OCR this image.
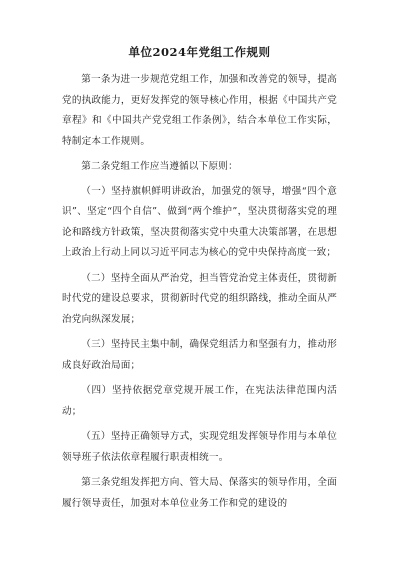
单位2024年党组工作规则
第一条为进一步规范党组工作，加强和改善党的领导，提高党的执政能力，更好发挥党的领导核心作用，根据《中国共产党章程》和《中国共产党党组工作条例》，结合本单位工作实际，特制定本工作规则。
第二条党组工作应当遵循以下原则：
（一）坚持旗帜鲜明讲政治，加强党的领导，增强“四个意识”、坚定“四个自信”、做到“两个维护”，坚决贯彻落实党的理论和路线方针政策，坚决贯彻落实党中央重大决策部署，在思想上政治上行动上同以习近平同志为核心的党中央保持高度一致；
（二）坚持全面从严治党，担当管党治党主体责任，贯彻新时代党的建设总要求，贯彻新时代党的组织路线，推动全面从严治党向纵深发展；
（三）坚持民主集中制，确保党组活力和坚强有力，推动形成良好政治局面；
（四）坚持依据党章党规开展工作，在宪法法律范围内活动；
（五）坚持正确领导方式，实现党组发挥领导作用与本单位领导班子依法依章程履行职责相统一。
第三条党组发挥把方向、管大局、保落实的领导作用，全面履行领导责任，加强对本单位业务工作和党的建设的
